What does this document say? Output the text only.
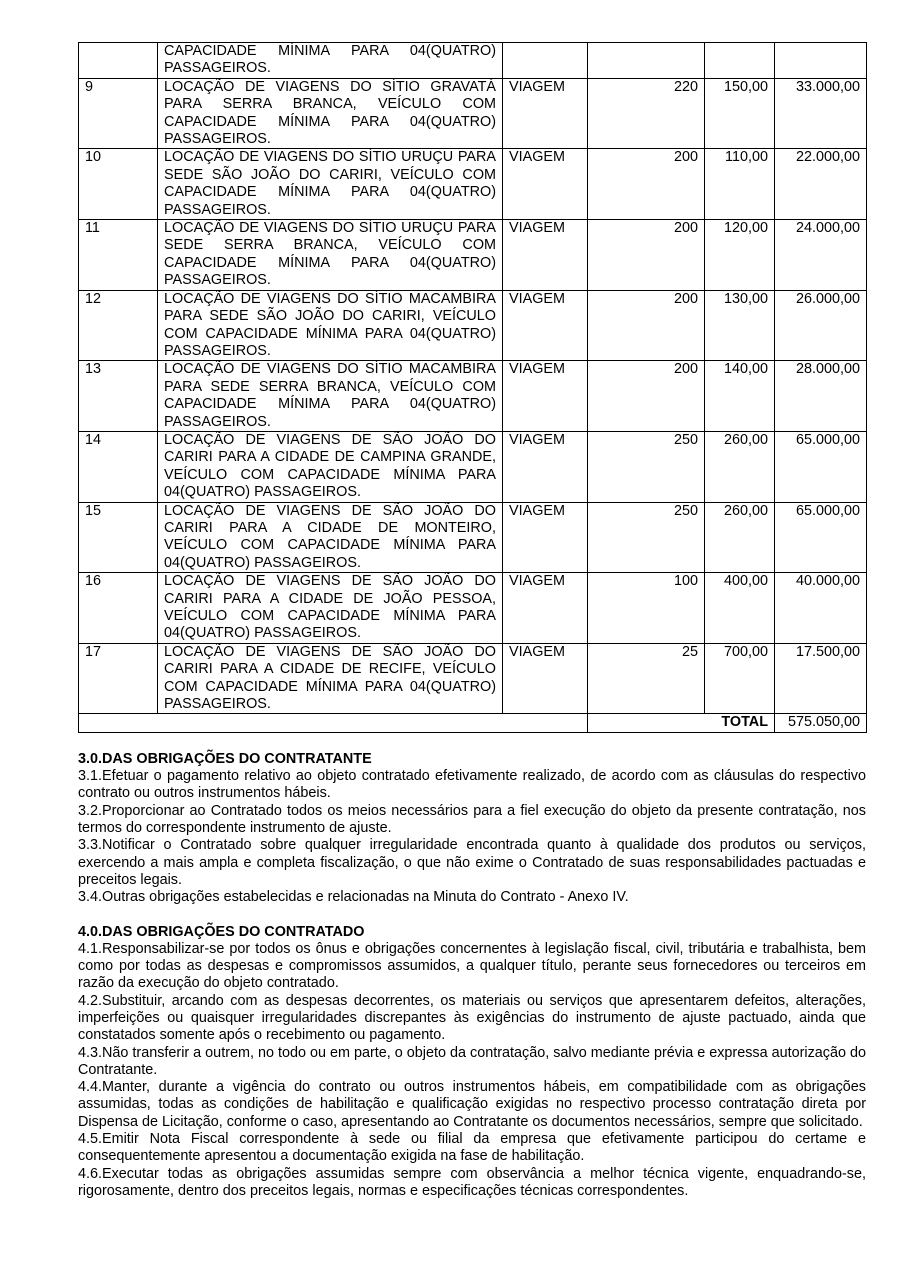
	CAPACIDADE MÍNIMA PARA 04(QUATRO) PASSAGEIROS.				
9	LOCAÇÃO DE VIAGENS DO SÍTIO GRAVATÁ PARA SERRA BRANCA, VEÍCULO COM CAPACIDADE MÍNIMA PARA 04(QUATRO) PASSAGEIROS.	VIAGEM	220	150,00	33.000,00
10	LOCAÇÃO DE VIAGENS DO SÍTIO URUÇU PARA SEDE SÃO JOÃO DO CARIRI, VEÍCULO COM CAPACIDADE MÍNIMA PARA 04(QUATRO) PASSAGEIROS.	VIAGEM	200	110,00	22.000,00
11	LOCAÇÃO DE VIAGENS DO SÍTIO URUÇU PARA SEDE SERRA BRANCA, VEÍCULO COM CAPACIDADE MÍNIMA PARA 04(QUATRO) PASSAGEIROS.	VIAGEM	200	120,00	24.000,00
12	LOCAÇÃO DE VIAGENS DO SÍTIO MACAMBIRA PARA SEDE SÃO JOÃO DO CARIRI, VEÍCULO COM CAPACIDADE MÍNIMA PARA 04(QUATRO) PASSAGEIROS.	VIAGEM	200	130,00	26.000,00
13	LOCAÇÃO DE VIAGENS DO SÍTIO MACAMBIRA PARA SEDE SERRA BRANCA, VEÍCULO COM CAPACIDADE MÍNIMA PARA 04(QUATRO) PASSAGEIROS.	VIAGEM	200	140,00	28.000,00
14	LOCAÇÃO DE VIAGENS DE SÃO JOÃO DO CARIRI PARA A CIDADE DE CAMPINA GRANDE, VEÍCULO COM CAPACIDADE MÍNIMA PARA 04(QUATRO) PASSAGEIROS.	VIAGEM	250	260,00	65.000,00
15	LOCAÇÃO DE VIAGENS DE SÃO JOÃO DO CARIRI PARA A CIDADE DE MONTEIRO, VEÍCULO COM CAPACIDADE MÍNIMA PARA 04(QUATRO) PASSAGEIROS.	VIAGEM	250	260,00	65.000,00
16	LOCAÇÃO DE VIAGENS DE SÃO JOÃO DO CARIRI PARA A CIDADE DE JOÃO PESSOA, VEÍCULO COM CAPACIDADE MÍNIMA PARA 04(QUATRO) PASSAGEIROS.	VIAGEM	100	400,00	40.000,00
17	LOCAÇÃO DE VIAGENS DE SÃO JOÃO DO CARIRI PARA A CIDADE DE RECIFE, VEÍCULO COM CAPACIDADE MÍNIMA PARA 04(QUATRO) PASSAGEIROS.	VIAGEM	25	700,00	17.500,00
			TOTAL		575.050,00
3.0.DAS OBRIGAÇÕES DO CONTRATANTE

3.1.Efetuar o pagamento relativo ao objeto contratado efetivamente realizado, de acordo com as cláusulas do respectivo contrato ou outros instrumentos hábeis.

3.2.Proporcionar ao Contratado todos os meios necessários para a fiel execução do objeto da presente contratação, nos termos do correspondente instrumento de ajuste.

3.3.Notificar o Contratado sobre qualquer irregularidade encontrada quanto à qualidade dos produtos ou serviços, exercendo a mais ampla e completa fiscalização, o que não exime o Contratado de suas responsabilidades pactuadas e preceitos legais.

3.4.Outras obrigações estabelecidas e relacionadas na Minuta do Contrato - Anexo IV.

4.0.DAS OBRIGAÇÕES DO CONTRATADO

4.1.Responsabilizar-se por todos os ônus e obrigações concernentes à legislação fiscal, civil, tributária e trabalhista, bem como por todas as despesas e compromissos assumidos, a qualquer título, perante seus fornecedores ou terceiros em razão da execução do objeto contratado.

4.2.Substituir, arcando com as despesas decorrentes, os materiais ou serviços que apresentarem defeitos, alterações, imperfeições ou quaisquer irregularidades discrepantes às exigências do instrumento de ajuste pactuado, ainda que constatados somente após o recebimento ou pagamento.

4.3.Não transferir a outrem, no todo ou em parte, o objeto da contratação, salvo mediante prévia e expressa autorização do Contratante.

4.4.Manter, durante a vigência do contrato ou outros instrumentos hábeis, em compatibilidade com as obrigações assumidas, todas as condições de habilitação e qualificação exigidas no respectivo processo contratação direta por Dispensa de Licitação, conforme o caso, apresentando ao Contratante os documentos necessários, sempre que solicitado.

4.5.Emitir Nota Fiscal correspondente à sede ou filial da empresa que efetivamente participou do certame e consequentemente apresentou a documentação exigida na fase de habilitação.

4.6.Executar todas as obrigações assumidas sempre com observância a melhor técnica vigente, enquadrando-se, rigorosamente, dentro dos preceitos legais, normas e especificações técnicas correspondentes.
